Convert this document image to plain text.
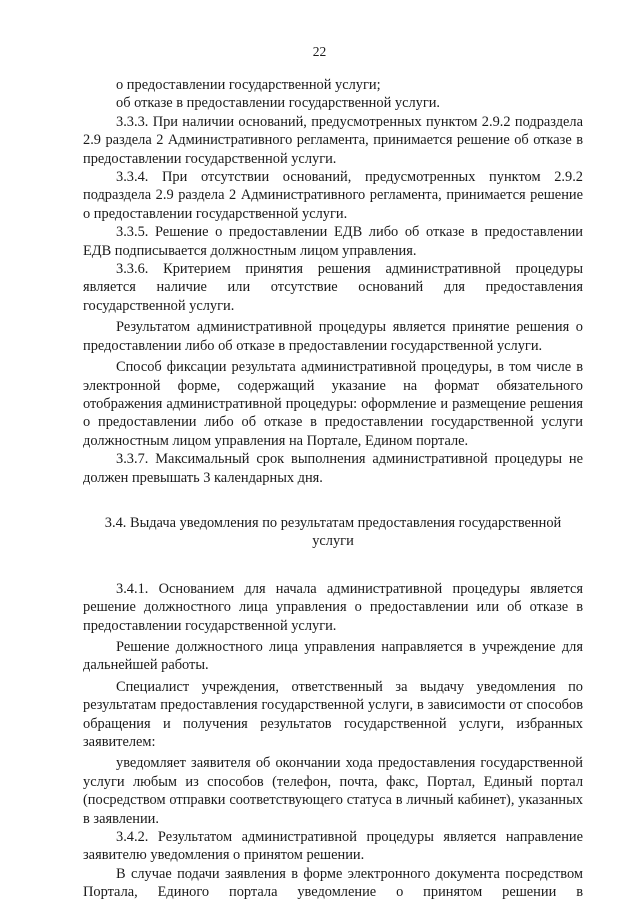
22

о предоставлении государственной услуги;

об отказе в предоставлении государственной услуги.

3.3.3. При наличии оснований, предусмотренных пунктом 2.9.2 подраздела 2.9 раздела 2 Административного регламента, принимается решение об отказе в предоставлении государственной услуги.

3.3.4. При отсутствии оснований, предусмотренных пунктом 2.9.2 подраздела 2.9 раздела 2 Административного регламента, принимается решение о предоставлении государственной услуги.

3.3.5. Решение о предоставлении ЕДВ либо об отказе в предоставлении ЕДВ подписывается должностным лицом управления.

3.3.6. Критерием принятия решения административной процедуры является наличие или отсутствие оснований для предоставления государственной услуги.

Результатом административной процедуры является принятие решения о предоставлении либо об отказе в предоставлении государственной услуги.

Способ фиксации результата административной процедуры, в том числе в электронной форме, содержащий указание на формат обязательного отображения административной процедуры: оформление и размещение решения о предоставлении либо об отказе в предоставлении государственной услуги должностным лицом управления на Портале, Едином портале.

3.3.7. Максимальный срок выполнения административной процедуры не должен превышать 3 календарных дня.

3.4. Выдача уведомления по результатам предоставления государственной услуги

3.4.1. Основанием для начала административной процедуры является решение должностного лица управления о предоставлении или об отказе в предоставлении государственной услуги.

Решение должностного лица управления направляется в учреждение для дальнейшей работы.

Специалист учреждения, ответственный за выдачу уведомления по результатам предоставления государственной услуги, в зависимости от способов обращения и получения результатов государственной услуги, избранных заявителем:

уведомляет заявителя об окончании хода предоставления государственной услуги любым из способов (телефон, почта, факс, Портал, Единый портал (посредством отправки соответствующего статуса в личный кабинет), указанных в заявлении.

3.4.2. Результатом административной процедуры является направление заявителю уведомления о принятом решении.

В случае подачи заявления в форме электронного документа посредством Портала, Единого портала уведомление о принятом решении в
